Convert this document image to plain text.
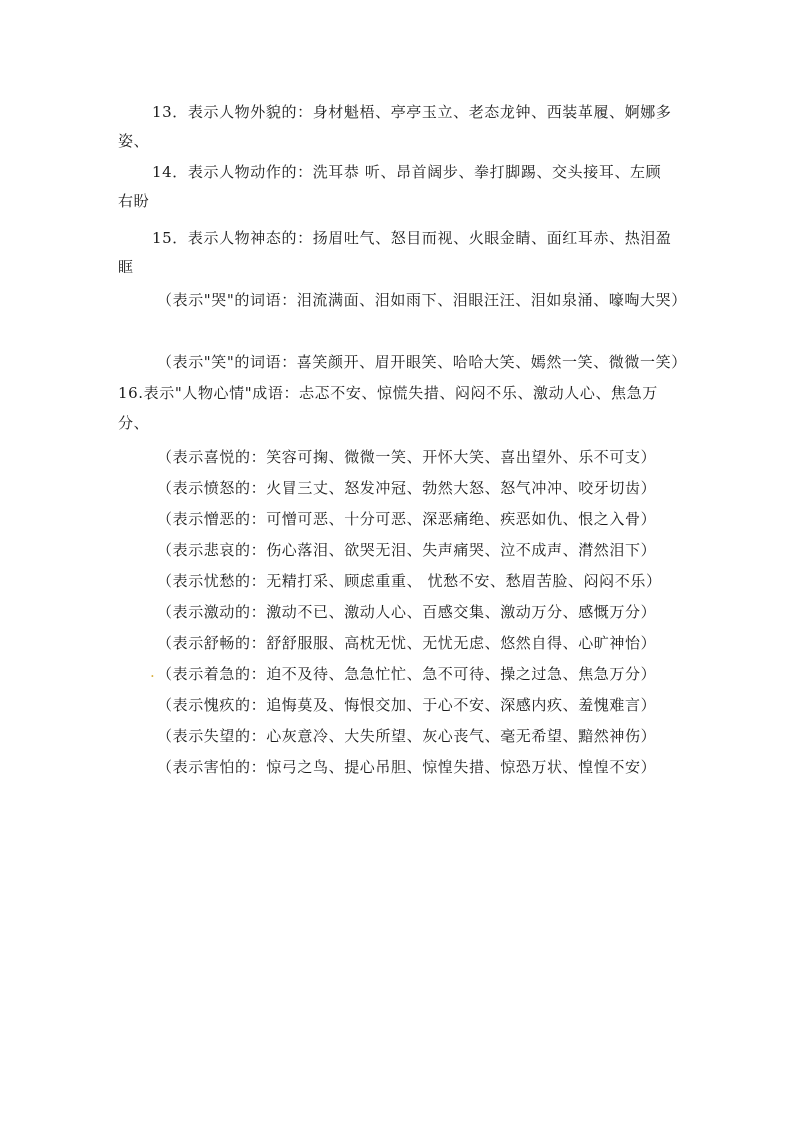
13．表示人物外貌的：身材魁梧、亭亭玉立、老态龙钟、西装革履、婀娜多
姿、
14．表示人物动作的：洗耳恭 听、昂首阔步、拳打脚踢、交头接耳、左顾
右盼
15．表示人物神态的：扬眉吐气、怒目而视、火眼金睛、面红耳赤、热泪盈
眶
（表示"哭"的词语：泪流满面、泪如雨下、泪眼汪汪、泪如泉涌、嚎啕大哭）
（表示"笑"的词语：喜笑颜开、眉开眼笑、哈哈大笑、嫣然一笑、微微一笑）
16.表示"人物心情"成语：忐忑不安、惊慌失措、闷闷不乐、激动人心、焦急万
分、
（表示喜悦的：笑容可掬、微微一笑、开怀大笑、喜出望外、乐不可支）
（表示愤怒的：火冒三丈、怒发冲冠、勃然大怒、怒气冲冲、咬牙切齿）
（表示憎恶的：可憎可恶、十分可恶、深恶痛绝、疾恶如仇、恨之入骨）
（表示悲哀的：伤心落泪、欲哭无泪、失声痛哭、泣不成声、潸然泪下）
（表示忧愁的：无精打采、顾虑重重、 忧愁不安、愁眉苦脸、闷闷不乐）
（表示激动的：激动不已、激动人心、百感交集、激动万分、感慨万分）
（表示舒畅的：舒舒服服、高枕无忧、无忧无虑、悠然自得、心旷神怡）
. （表示着急的：迫不及待、急急忙忙、急不可待、操之过急、焦急万分）
（表示愧疚的：追悔莫及、悔恨交加、于心不安、深感内疚、羞愧难言）
（表示失望的：心灰意冷、大失所望、灰心丧气、毫无希望、黯然神伤）
（表示害怕的：惊弓之鸟、提心吊胆、惊惶失措、惊恐万状、惶惶不安）
